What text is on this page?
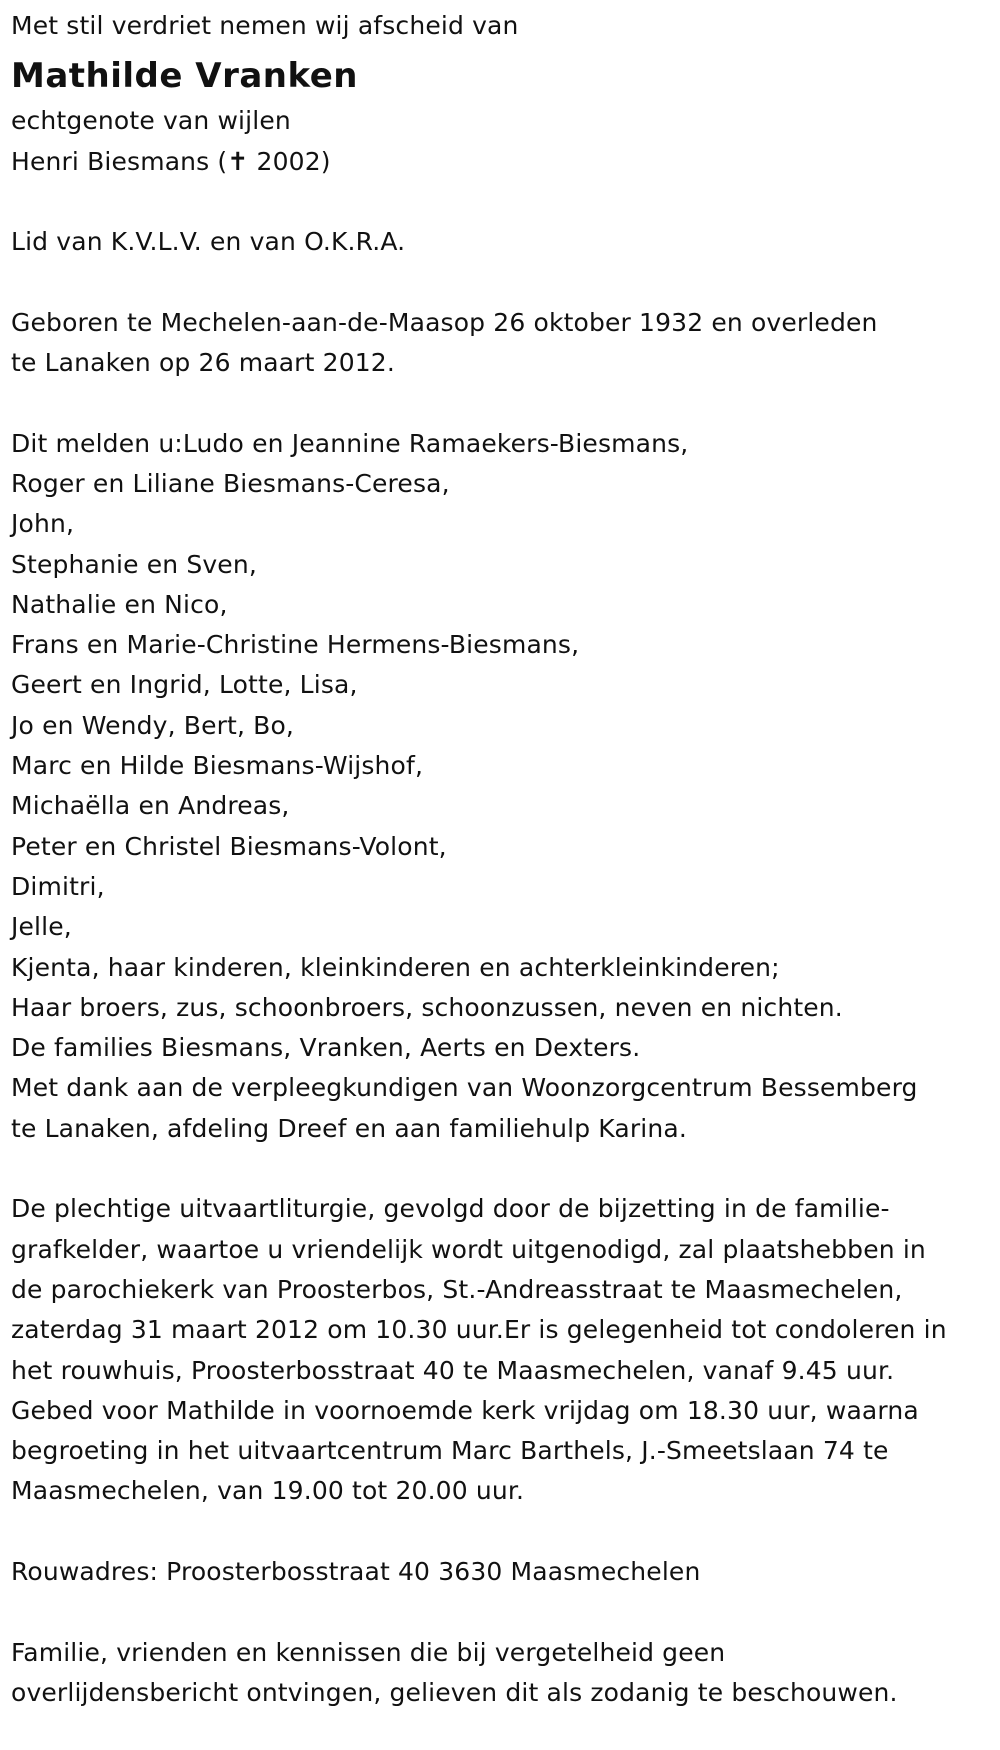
Met stil verdriet nemen wij afscheid van

Mathilde Vranken

echtgenote van wijlen

Henri Biesmans (✝ 2002)

Lid van K.V.L.V. en van O.K.R.A.

Geboren te Mechelen-aan-de-Maasop 26 oktober 1932 en overleden

te Lanaken op 26 maart 2012.

Dit melden u:Ludo en Jeannine Ramaekers-Biesmans,

Roger en Liliane Biesmans-Ceresa,

John,

Stephanie en Sven,

Nathalie en Nico,

Frans en Marie-Christine Hermens-Biesmans,

Geert en Ingrid, Lotte, Lisa,

Jo en Wendy, Bert, Bo,

Marc en Hilde Biesmans-Wijshof,

Michaëlla en Andreas,

Peter en Christel Biesmans-Volont,

Dimitri,

Jelle,

Kjenta, haar kinderen, kleinkinderen en achterkleinkinderen;

Haar broers, zus, schoonbroers, schoonzussen, neven en nichten.

De families Biesmans, Vranken, Aerts en Dexters.

Met dank aan de verpleegkundigen van Woonzorgcentrum Bessemberg

te Lanaken, afdeling Dreef en aan familiehulp Karina.

De plechtige uitvaartliturgie, gevolgd door de bijzetting in de familie-

grafkelder, waartoe u vriendelijk wordt uitgenodigd, zal plaatshebben in

de parochiekerk van Proosterbos, St.-Andreasstraat te Maasmechelen,

zaterdag 31 maart 2012 om 10.30 uur.Er is gelegenheid tot condoleren in

het rouwhuis, Proosterbosstraat 40 te Maasmechelen, vanaf 9.45 uur.

Gebed voor Mathilde in voornoemde kerk vrijdag om 18.30 uur, waarna

begroeting in het uitvaartcentrum Marc Barthels, J.-Smeetslaan 74 te

Maasmechelen, van 19.00 tot 20.00 uur.

Rouwadres: Proosterbosstraat 40 3630 Maasmechelen

Familie, vrienden en kennissen die bij vergetelheid geen

overlijdensbericht ontvingen, gelieven dit als zodanig te beschouwen.
